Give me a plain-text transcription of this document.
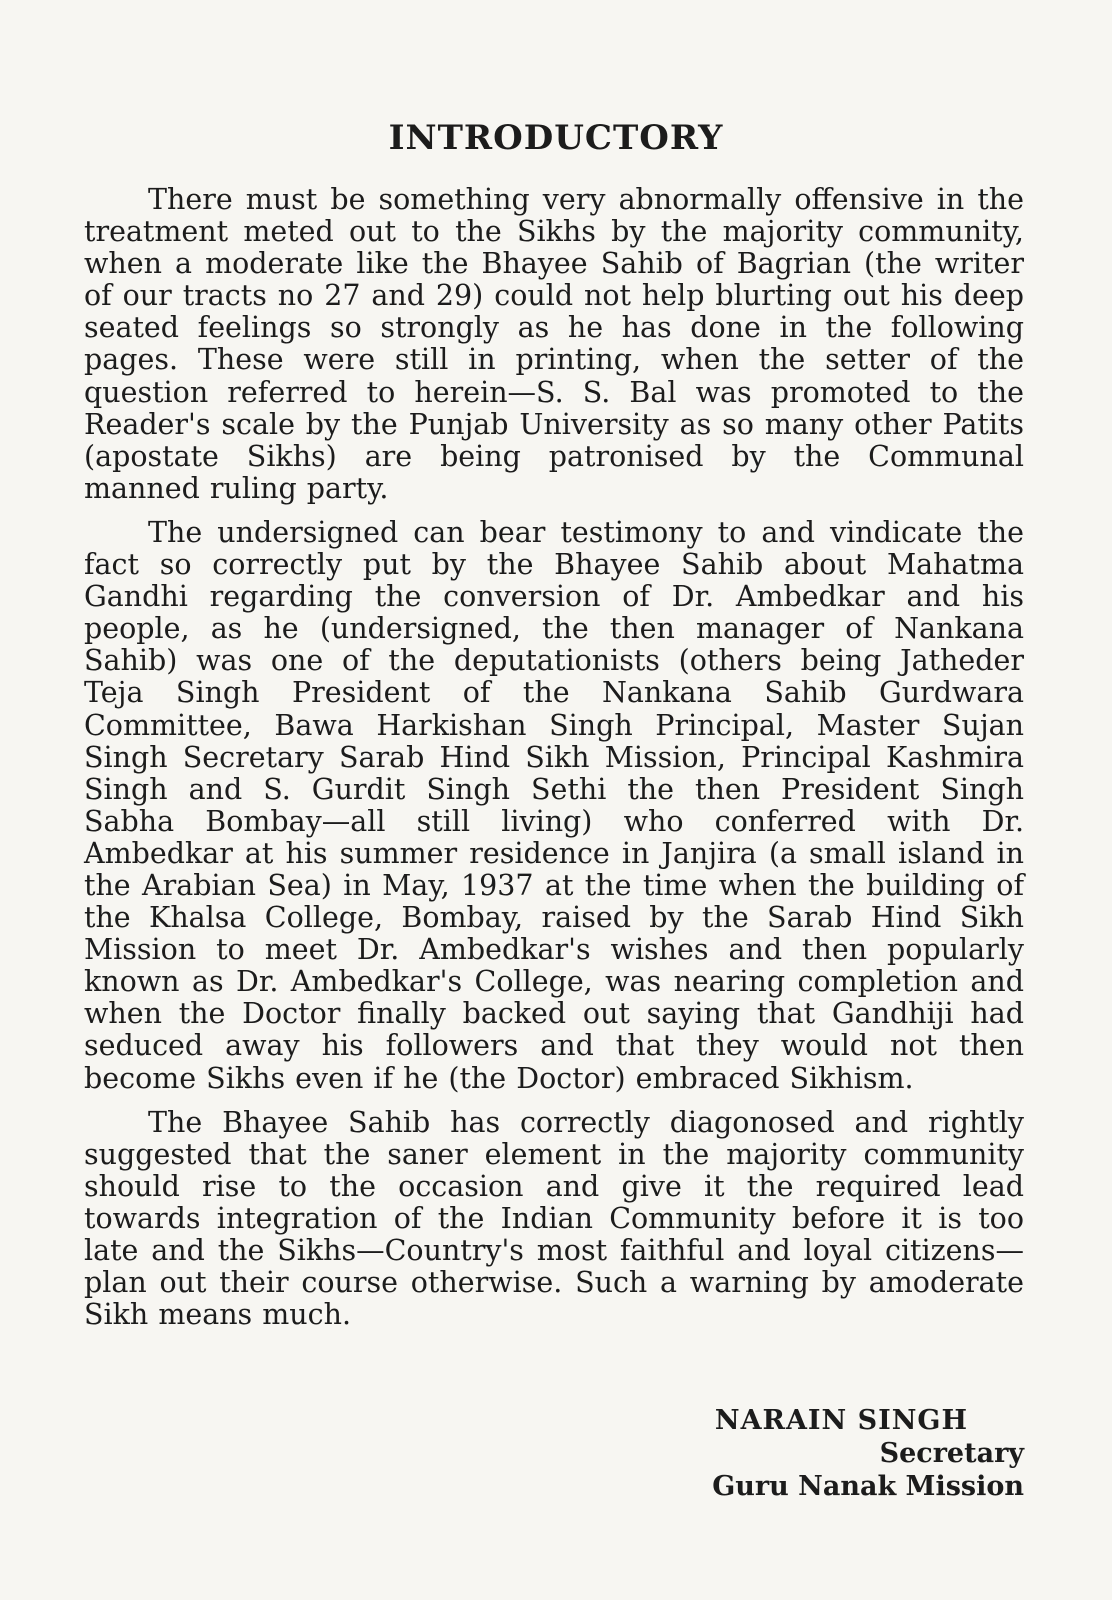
INTRODUCTORY

There must be something very abnormally offensive in the treatment meted out to the Sikhs by the majority community, when a moderate like the Bhayee Sahib of Bagrian (the writer of our tracts no 27 and 29) could not help blurting out his deep seated feelings so strongly as he has done in the following pages. These were still in printing, when the setter of the question referred to herein—S. S. Bal was promoted to the Reader's scale by the Punjab University as so many other Patits (apostate Sikhs) are being patronised by the Communal manned ruling party.

The undersigned can bear testimony to and vindicate the fact so correctly put by the Bhayee Sahib about Mahatma Gandhi regarding the conversion of Dr. Ambedkar and his people, as he (undersigned, the then manager of Nankana Sahib) was one of the deputationists (others being Jatheder Teja Singh President of the Nankana Sahib Gurdwara Committee, Bawa Harkishan Singh Principal, Master Sujan Singh Secretary Sarab Hind Sikh Mission, Principal Kashmira Singh and S. Gurdit Singh Sethi the then President Singh Sabha Bombay—all still living) who conferred with Dr. Ambedkar at his summer residence in Janjira (a small island in the Arabian Sea) in May, 1937 at the time when the building of the Khalsa College, Bombay, raised by the Sarab Hind Sikh Mission to meet Dr. Ambedkar's wishes and then popularly known as Dr. Ambedkar's College, was nearing completion and when the Doctor finally backed out saying that Gandhiji had seduced away his followers and that they would not then become Sikhs even if he (the Doctor) embraced Sikhism.

The Bhayee Sahib has correctly diagonosed and rightly suggested that the saner element in the majority community should rise to the occasion and give it the required lead towards integration of the Indian Community before it is too late and the Sikhs—Country's most faithful and loyal citizens—plan out their course otherwise. Such a warning by amoderate Sikh means much.

NARAIN SINGH
Secretary
Guru Nanak Mission
